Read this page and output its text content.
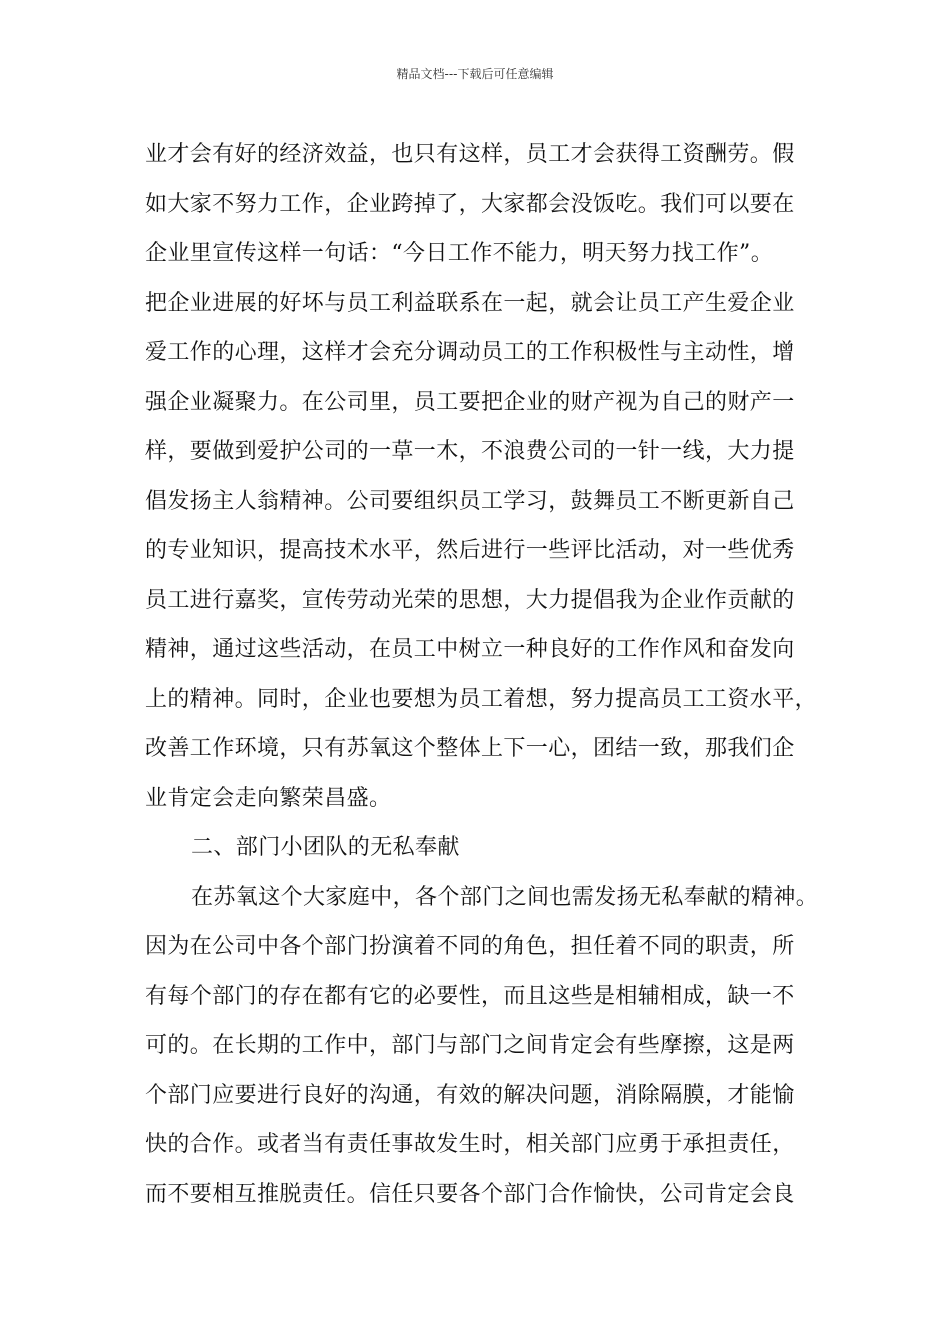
精品文档---下载后可任意编辑
业才会有好的经济效益，也只有这样，员工才会获得工资酬劳。假
如大家不努力工作，企业跨掉了，大家都会没饭吃。我们可以要在
企业里宣传这样一句话：“今日工作不能力，明天努力找工作”。
把企业进展的好坏与员工利益联系在一起，就会让员工产生爱企业
爱工作的心理，这样才会充分调动员工的工作积极性与主动性，增
强企业凝聚力。在公司里，员工要把企业的财产视为自己的财产一
样，要做到爱护公司的一草一木，不浪费公司的一针一线，大力提
倡发扬主人翁精神。公司要组织员工学习，鼓舞员工不断更新自己
的专业知识，提高技术水平，然后进行一些评比活动，对一些优秀
员工进行嘉奖，宣传劳动光荣的思想，大力提倡我为企业作贡献的
精神，通过这些活动，在员工中树立一种良好的工作作风和奋发向
上的精神。同时，企业也要想为员工着想，努力提高员工工资水平，
改善工作环境，只有苏氧这个整体上下一心，团结一致，那我们企
业肯定会走向繁荣昌盛。
二、部门小团队的无私奉献
在苏氧这个大家庭中，各个部门之间也需发扬无私奉献的精神。
因为在公司中各个部门扮演着不同的角色，担任着不同的职责，所
有每个部门的存在都有它的必要性，而且这些是相辅相成，缺一不
可的。在长期的工作中，部门与部门之间肯定会有些摩擦，这是两
个部门应要进行良好的沟通，有效的解决问题，消除隔膜，才能愉
快的合作。或者当有责任事故发生时，相关部门应勇于承担责任，
而不要相互推脱责任。信任只要各个部门合作愉快，公司肯定会良
